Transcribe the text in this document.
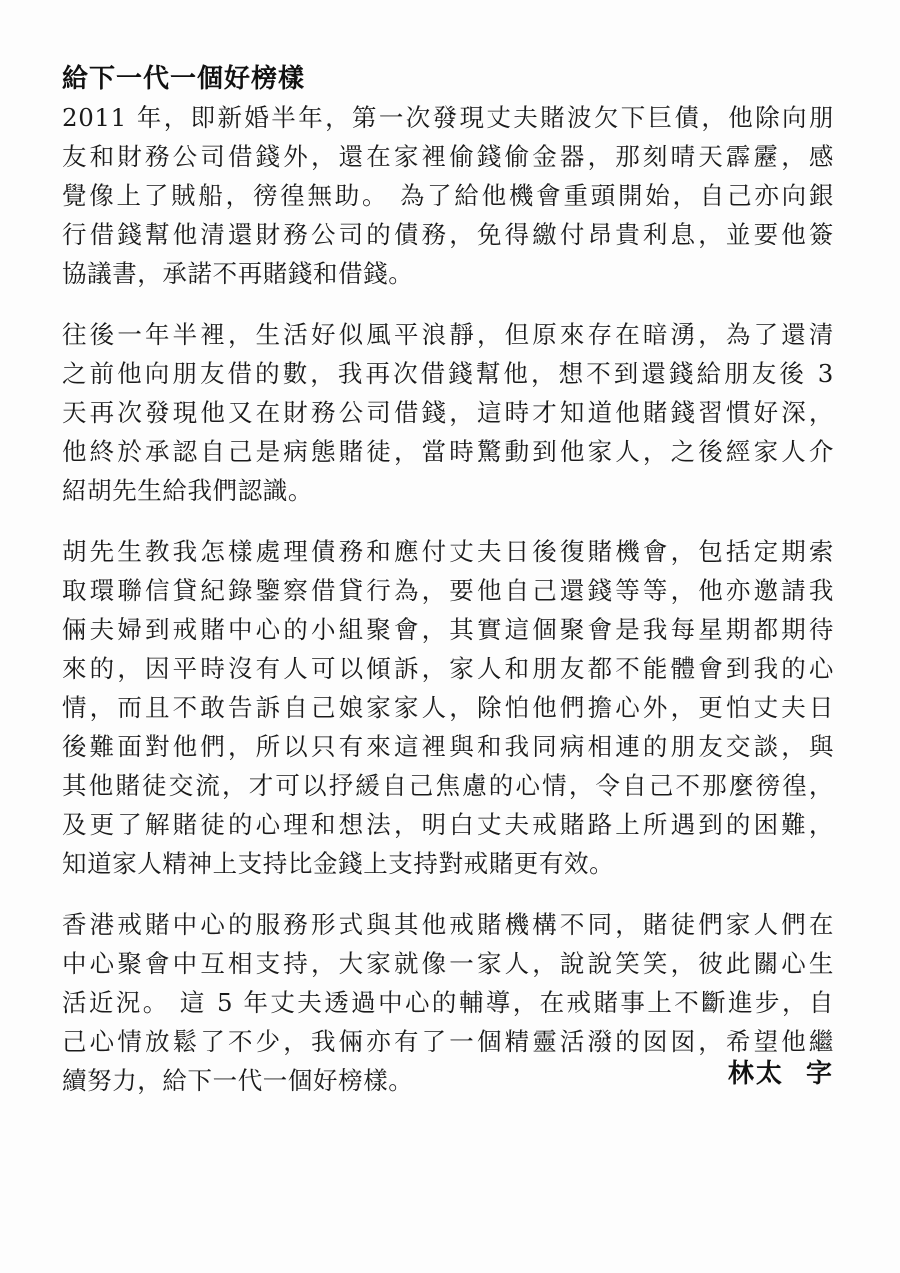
給下一代一個好榜樣

2011 年，即新婚半年，第一次發現丈夫賭波欠下巨債，他除向朋
友和財務公司借錢外，還在家裡偷錢偷金器，那刻晴天霹靂，感
覺像上了賊船，徬徨無助。 為了給他機會重頭開始，自己亦向銀
行借錢幫他清還財務公司的債務，免得繳付昂貴利息，並要他簽
協議書，承諾不再賭錢和借錢。

往後一年半裡，生活好似風平浪靜，但原來存在暗湧，為了還清
之前他向朋友借的數，我再次借錢幫他，想不到還錢給朋友後 3
天再次發現他又在財務公司借錢，這時才知道他賭錢習慣好深，
他終於承認自己是病態賭徒，當時驚動到他家人，之後經家人介
紹胡先生給我們認識。

胡先生教我怎樣處理債務和應付丈夫日後復賭機會，包括定期索
取環聯信貸紀錄鑒察借貸行為，要他自己還錢等等，他亦邀請我
倆夫婦到戒賭中心的小組聚會，其實這個聚會是我每星期都期待
來的，因平時沒有人可以傾訴，家人和朋友都不能體會到我的心
情，而且不敢告訴自己娘家家人，除怕他們擔心外，更怕丈夫日
後難面對他們，所以只有來這裡與和我同病相連的朋友交談，與
其他賭徒交流，才可以抒緩自己焦慮的心情，令自己不那麼徬徨，
及更了解賭徒的心理和想法，明白丈夫戒賭路上所遇到的困難，
知道家人精神上支持比金錢上支持對戒賭更有效。

香港戒賭中心的服務形式與其他戒賭機構不同，賭徒們家人們在
中心聚會中互相支持，大家就像一家人，說說笑笑，彼此關心生
活近況。 這 5 年丈夫透過中心的輔導，在戒賭事上不斷進步，自
己心情放鬆了不少，我倆亦有了一個精靈活潑的囡囡，希望他繼
續努力，給下一代一個好榜樣。	林太  字
